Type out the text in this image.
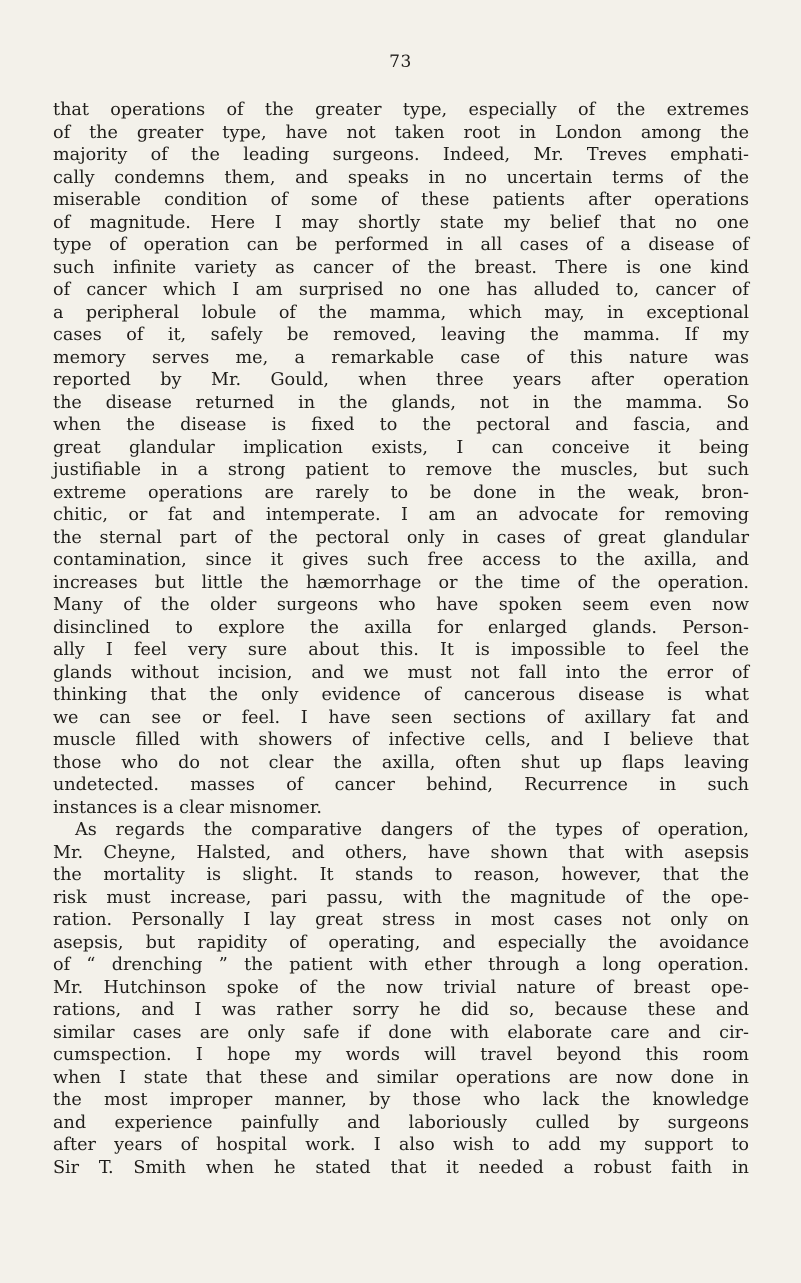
73
that operations of the greater type, especially of the extremes
of the greater type, have not taken root in London among the
majority of the leading surgeons. Indeed, Mr. Treves emphati-
cally condemns them, and speaks in no uncertain terms of the
miserable condition of some of these patients after operations
of magnitude. Here I may shortly state my belief that no one
type of operation can be performed in all cases of a disease of
such infinite variety as cancer of the breast. There is one kind
of cancer which I am surprised no one has alluded to, cancer of
a peripheral lobule of the mamma, which may, in exceptional
cases of it, safely be removed, leaving the mamma. If my
memory serves me, a remarkable case of this nature was
reported by Mr. Gould, when three years after operation
the disease returned in the glands, not in the mamma. So
when the disease is fixed to the pectoral and fascia, and
great glandular implication exists, I can conceive it being
justifiable in a strong patient to remove the muscles, but such
extreme operations are rarely to be done in the weak, bron-
chitic, or fat and intemperate. I am an advocate for removing
the sternal part of the pectoral only in cases of great glandular
contamination, since it gives such free access to the axilla, and
increases but little the hæmorrhage or the time of the operation.
Many of the older surgeons who have spoken seem even now
disinclined to explore the axilla for enlarged glands. Person-
ally I feel very sure about this. It is impossible to feel the
glands without incision, and we must not fall into the error of
thinking that the only evidence of cancerous disease is what
we can see or feel. I have seen sections of axillary fat and
muscle filled with showers of infective cells, and I believe that
those who do not clear the axilla, often shut up flaps leaving
undetected. masses of cancer behind, Recurrence in such
instances is a clear misnomer.
As regards the comparative dangers of the types of operation,
Mr. Cheyne, Halsted, and others, have shown that with asepsis
the mortality is slight. It stands to reason, however, that the
risk must increase, pari passu, with the magnitude of the ope-
ration. Personally I lay great stress in most cases not only on
asepsis, but rapidity of operating, and especially the avoidance
of “ drenching ” the patient with ether through a long operation.
Mr. Hutchinson spoke of the now trivial nature of breast ope-
rations, and I was rather sorry he did so, because these and
similar cases are only safe if done with elaborate care and cir-
cumspection. I hope my words will travel beyond this room
when I state that these and similar operations are now done in
the most improper manner, by those who lack the knowledge
and experience painfully and laboriously culled by surgeons
after years of hospital work. I also wish to add my support to
Sir T. Smith when he stated that it needed a robust faith in
